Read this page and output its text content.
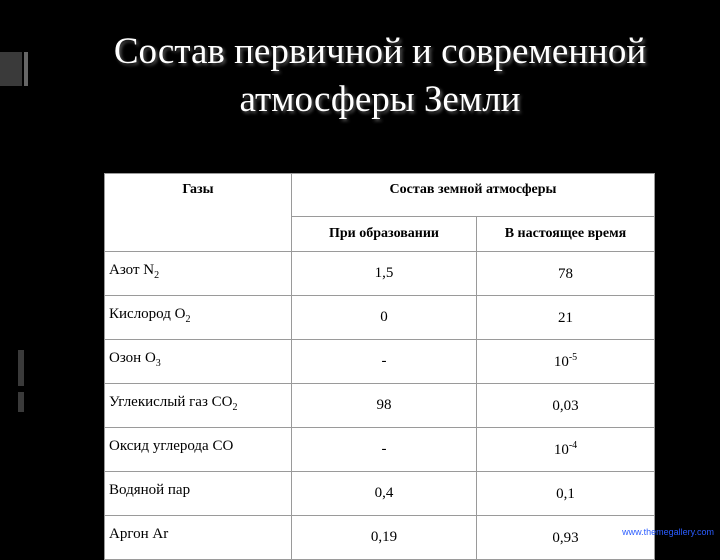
Состав первичной и современной
атмосферы Земли
Газы	Состав земной атмосферы	
	При образовании	В настоящее время
Азот $N_2$	1,5	78
Кислород $O_2$	0	21
Озон $O_3$	-	$10^{-5}$
Углекислый газ $CO_2$	98	0,03
Оксид углерода CO	-	$10^{-4}$
Водяной пар	0,4	0,1
Аргон Ar	0,19	0,93	www.themegallery.com
